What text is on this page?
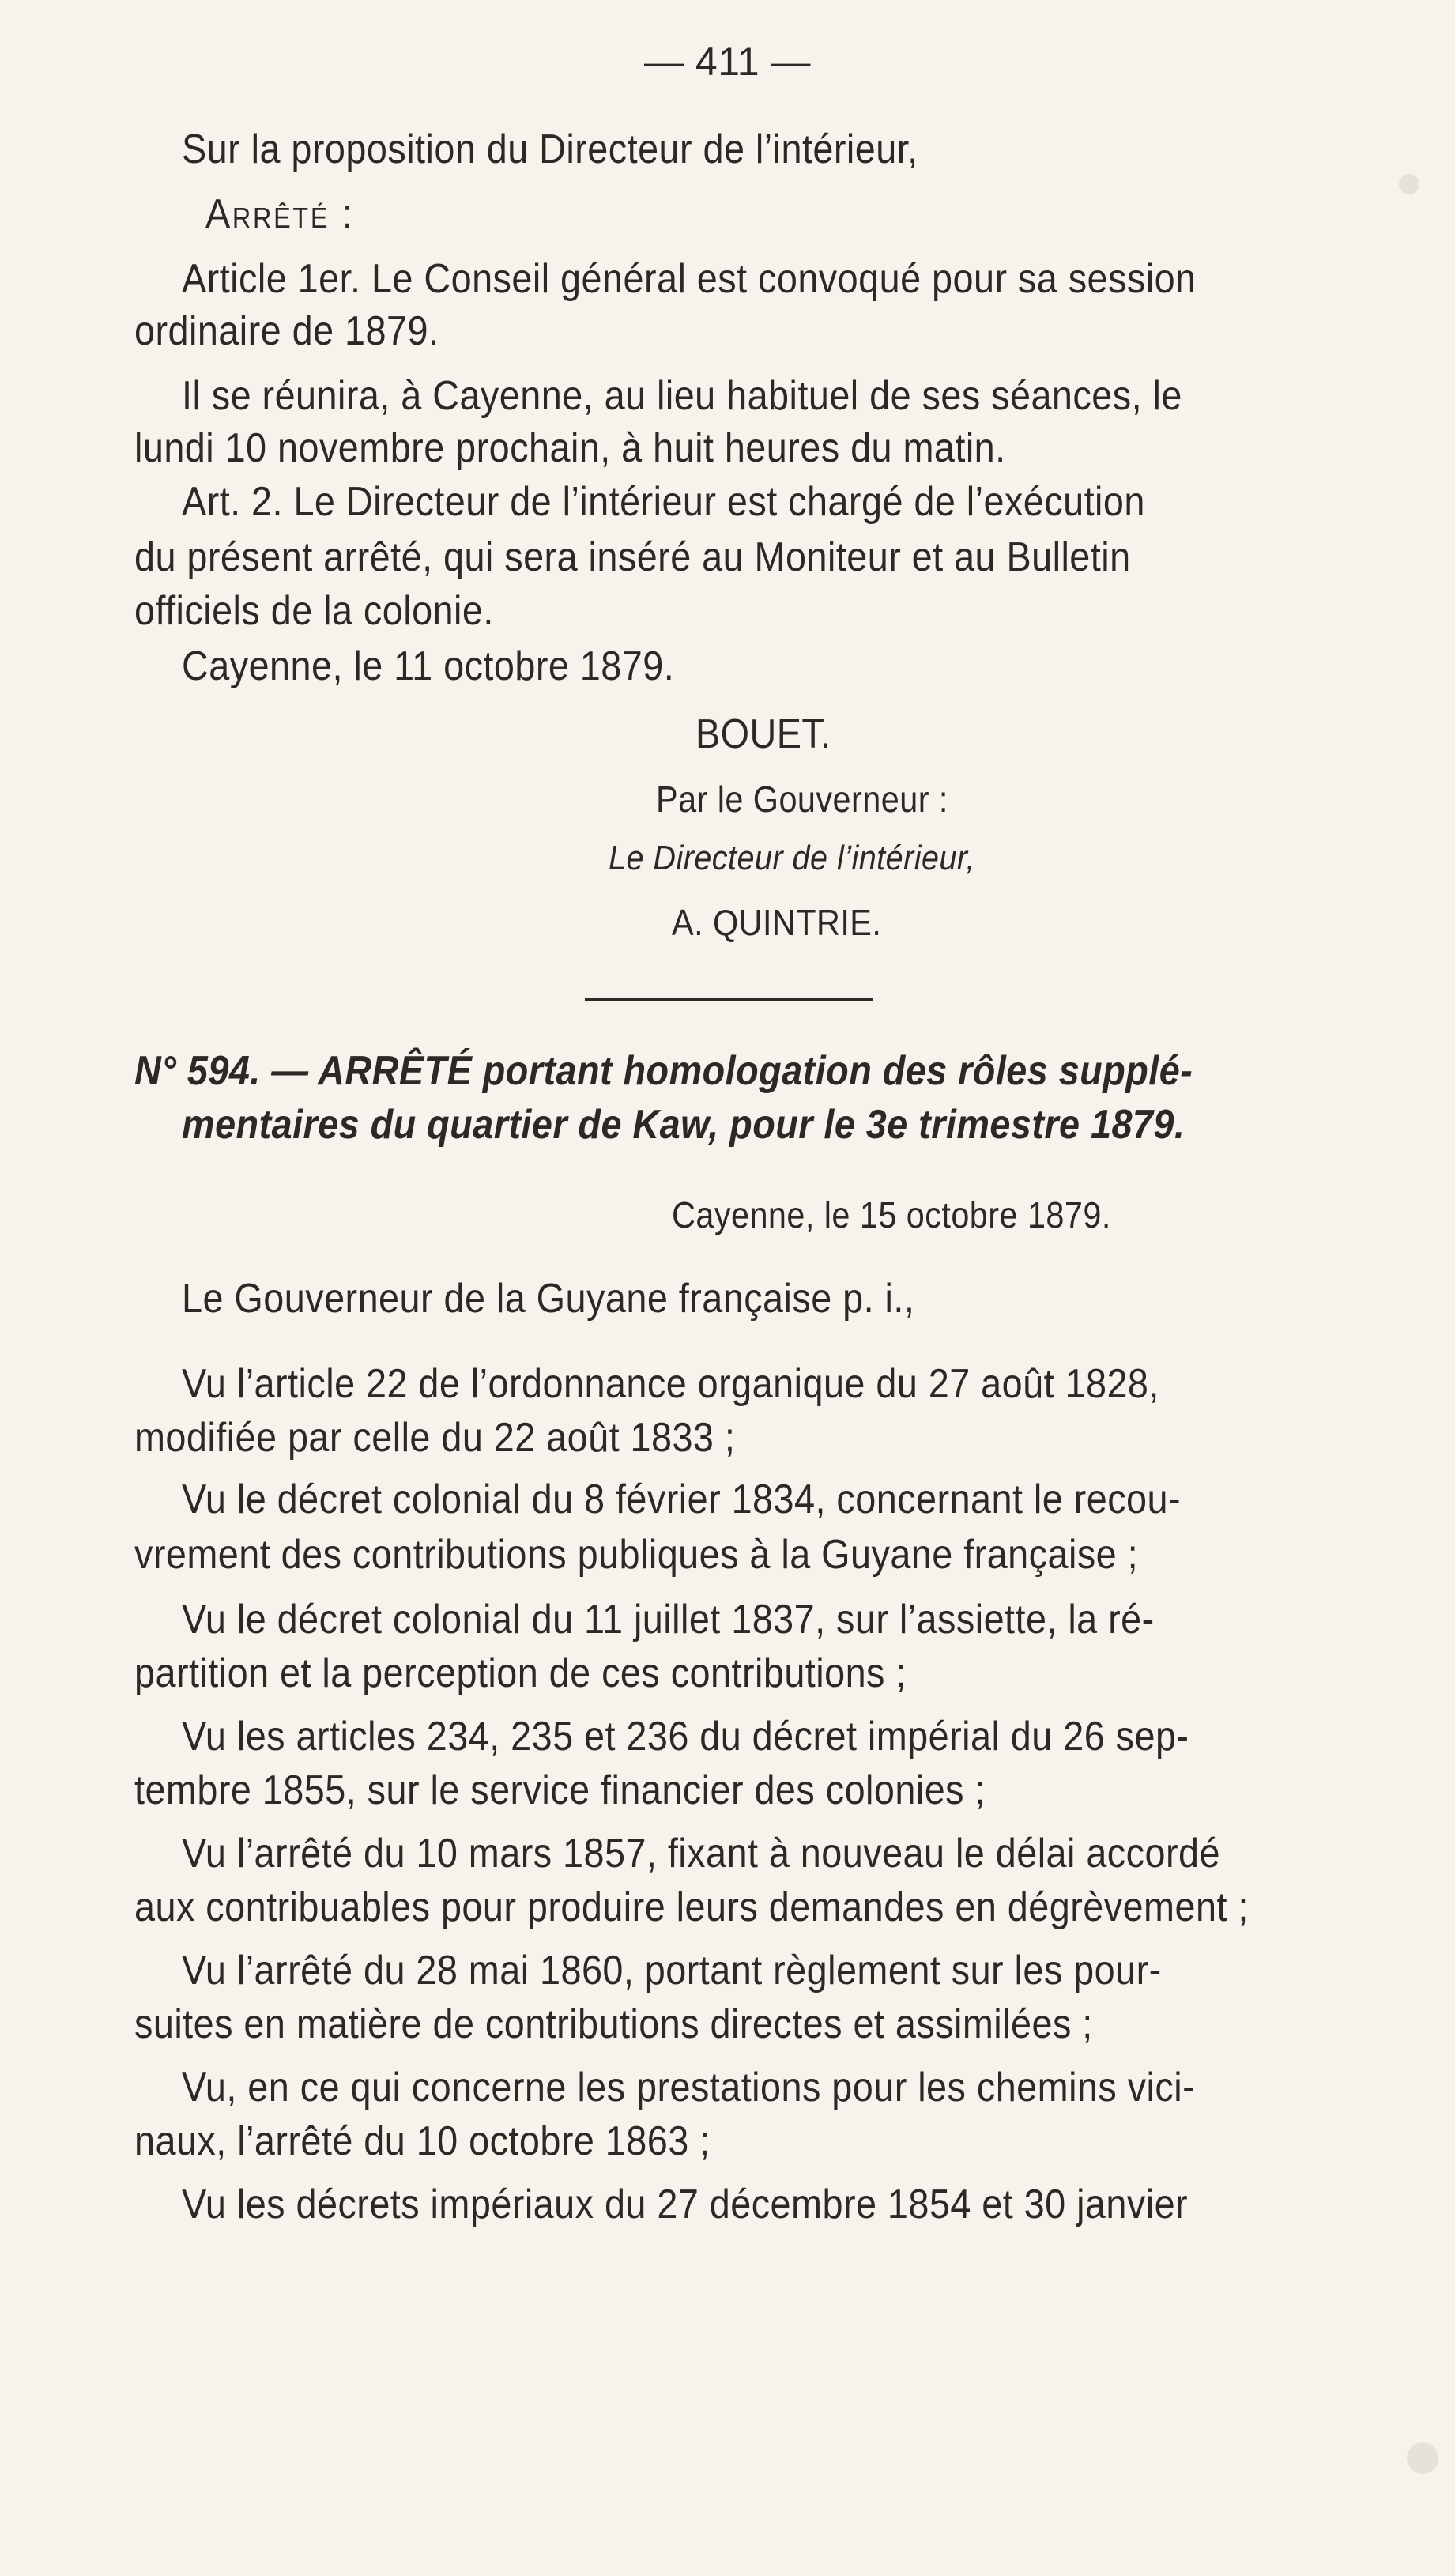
— 411 —
Sur la proposition du Directeur de l’intérieur,
Arrêté :
Article 1er. Le Conseil général est convoqué pour sa session
ordinaire de 1879.
Il se réunira, à Cayenne, au lieu habituel de ses séances, le
lundi 10 novembre prochain, à huit heures du matin.
Art. 2. Le Directeur de l’intérieur est chargé de l’exécution
du présent arrêté, qui sera inséré au Moniteur et au Bulletin
officiels de la colonie.
Cayenne, le 11 octobre 1879.
BOUET.
Par le Gouverneur :
Le Directeur de l’intérieur,
A. QUINTRIE.
N° 594. — ARRÊTÉ portant homologation des rôles supplé-
mentaires du quartier de Kaw, pour le 3e trimestre 1879.
Cayenne, le 15 octobre 1879.
Le Gouverneur de la Guyane française p. i.,
Vu l’article 22 de l’ordonnance organique du 27 août 1828,
modifiée par celle du 22 août 1833 ;
Vu le décret colonial du 8 février 1834, concernant le recou-
vrement des contributions publiques à la Guyane française ;
Vu le décret colonial du 11 juillet 1837, sur l’assiette, la ré-
partition et la perception de ces contributions ;
Vu les articles 234, 235 et 236 du décret impérial du 26 sep-
tembre 1855, sur le service financier des colonies ;
Vu l’arrêté du 10 mars 1857, fixant à nouveau le délai accordé
aux contribuables pour produire leurs demandes en dégrèvement ;
Vu l’arrêté du 28 mai 1860, portant règlement sur les pour-
suites en matière de contributions directes et assimilées ;
Vu, en ce qui concerne les prestations pour les chemins vici-
naux, l’arrêté du 10 octobre 1863 ;
Vu les décrets impériaux du 27 décembre 1854 et 30 janvier
